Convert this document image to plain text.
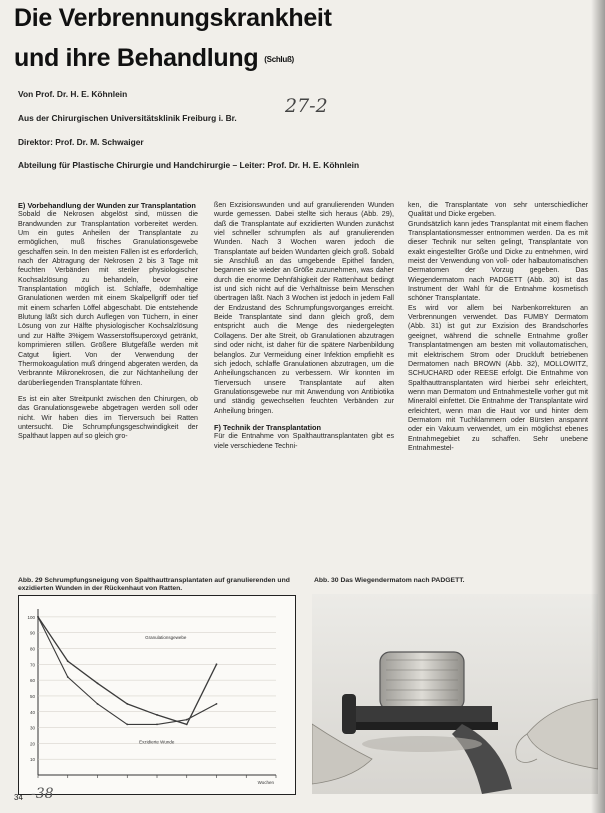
Die Verbrennungskrankheit
und ihre Behandlung (Schluß)
Von Prof. Dr. H. E. Köhnlein
Aus der Chirurgischen Universitätsklinik Freiburg i. Br.
Direktor: Prof. Dr. M. Schwaiger
Abteilung für Plastische Chirurgie und Handchirurgie – Leiter: Prof. Dr. H. E. Köhnlein
27-2
E) Vorbehandlung der Wunden zur Transplantation

Sobald die Nekrosen abgelöst sind, müssen die Brandwunden zur Transplantation vorbereitet werden. Um ein gutes Anheilen der Transplantate zu ermöglichen, muß frisches Granulationsgewebe geschaffen sein. In den meisten Fällen ist es erforderlich, nach der Abtragung der Nekrosen 2 bis 3 Tage mit feuchten Verbänden mit steriler physiologischer Kochsalzlösung zu behandeln, bevor eine Transplantation möglich ist. Schlaffe, ödemhaltige Granulationen werden mit einem Skalpellgriff oder tief mit einem scharfen Löffel abgeschabt. Die entstehende Blutung läßt sich durch Auflegen von Tüchern, in einer Lösung von zur Hälfte physiologischer Kochsalzlösung und zur Hälfte 3%igem Wasserstoffsuperoxyd getränkt, komprimieren stillen. Größere Blutgefäße werden mit Catgut ligiert. Von der Verwendung der Thermokoagulation muß dringend abgeraten werden, da Verbrannte Mikronekrosen, die zur Nichtanheilung der darüberliegenden Transplantate führen.

Es ist ein alter Streitpunkt zwischen den Chirurgen, ob das Granulationsgewebe abgetragen werden soll oder nicht. Wir haben dies im Tierversuch bei Ratten untersucht. Die Schrumpfungsgeschwindigkeit der Spalthaut lappen auf so gleich gro-

ßen Exzisionswunden und auf granulierenden Wunden wurde gemessen. Dabei stellte sich heraus (Abb. 29), daß die Transplantate auf exzidierten Wunden zunächst viel schneller schrumpfen als auf granulierenden Wunden. Nach 3 Wochen waren jedoch die Transplantate auf beiden Wundarten gleich groß. Sobald sie Anschluß an das umgebende Epithel fanden, begannen sie wieder an Größe zuzunehmen, was daher durch die enorme Dehnfähigkeit der Rattenhaut bedingt ist und sich nicht auf die Verhältnisse beim Menschen übertragen läßt. Nach 3 Wochen ist jedoch in jedem Fall der Endzustand des Schrumpfungsvorganges erreicht. Beide Transplantate sind dann gleich groß, dem entspricht auch die Menge des niedergelegten Collagens. Der alte Streit, ob Granulationen abzutragen sind oder nicht, ist daher für die spätere Narbenbildung belanglos. Zur Vermeidung einer Infektion empfiehlt es sich jedoch, schlaffe Granulationen abzutragen, um die Anheilungschancen zu verbessern. Wir konnten im Tierversuch unsere Transplantate auf alten Granulationsgewebe nur mit Anwendung von Antibiotika und ständig gewechselten feuchten Verbänden zur Anheilung bringen.

F) Technik der Transplantation

Für die Entnahme von Spalthauttransplantaten gibt es viele verschiedene Techni-

ken, die Transplantate von sehr unterschiedlicher Qualität und Dicke ergeben.

Grundsätzlich kann jedes Transplantat mit einem flachen Transplantationsmesser entnommen werden. Da es mit dieser Technik nur selten gelingt, Transplantate von exakt eingestellter Größe und Dicke zu entnehmen, wird meist der Verwendung von voll- oder halbautomatischen Dermatomen der Vorzug gegeben. Das Wiegendermatom nach PADGETT (Abb. 30) ist das Instrument der Wahl für die Entnahme kosmetisch schöner Transplantate.

Es wird vor allem bei Narbenkorrekturen an Verbrennungen verwendet. Das FUMBY Dermatom (Abb. 31) ist gut zur Exzision des Brandschorfes geeignet, während die schnelle Entnahme großer Transplantatmengen am besten mit vollautomatischen, mit elektrischem Strom oder Druckluft betriebenen Dermatomen nach BROWN (Abb. 32), MOLLOWITZ, SCHUCHARD oder REESE erfolgt. Die Entnahme von Spalthauttransplantaten wird hierbei sehr erleichtert, wenn man Dermatom und Entnahmestelle vorher gut mit Mineralöl einfettet. Die Entnahme der Transplantate wird erleichtert, wenn man die Haut vor und hinter dem Dermatom mit Tuchklammern oder Bürsten anspannt oder ein Vakuum verwendet, um ein möglichst ebenes Entnahmegebiet zu schaffen. Sehr unebene Entnahmestel-

Abb. 29 Schrumpfungsneigung von Spalthauttransplantaten auf granulierenden und exzidierten Wunden in der Rückenhaut von Ratten.
Abb. 30 Das Wiegendermatom nach PADGETT.
100
90
80
70
60
50
40
30
20
10
Wochen
Granulationsgewebe
Exzidierte Wunde
34 -38
